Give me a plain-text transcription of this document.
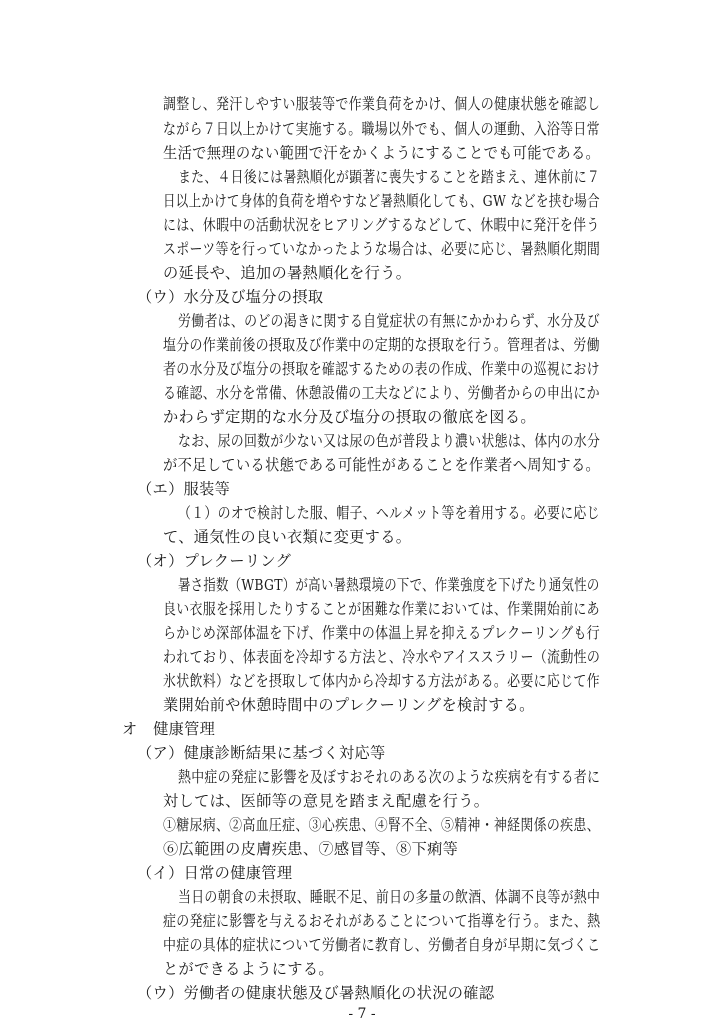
調整し、発汗しやすい服装等で作業負荷をかけ、個人の健康状態を確認し
ながら７日以上かけて実施する。職場以外でも、個人の運動、入浴等日常
生活で無理のない範囲で汗をかくようにすることでも可能である。
また、４日後には暑熱順化が顕著に喪失することを踏まえ、連休前に７
日以上かけて身体的負荷を増やすなど暑熱順化しても、GW などを挟む場合
には、休暇中の活動状況をヒアリングするなどして、休暇中に発汗を伴う
スポーツ等を行っていなかったような場合は、必要に応じ、暑熱順化期間
の延長や、追加の暑熱順化を行う。
（ウ）水分及び塩分の摂取
労働者は、のどの渇きに関する自覚症状の有無にかかわらず、水分及び
塩分の作業前後の摂取及び作業中の定期的な摂取を行う。管理者は、労働
者の水分及び塩分の摂取を確認するための表の作成、作業中の巡視におけ
る確認、水分を常備、休憩設備の工夫などにより、労働者からの申出にか
かわらず定期的な水分及び塩分の摂取の徹底を図る。
なお、尿の回数が少ない又は尿の色が普段より濃い状態は、体内の水分
が不足している状態である可能性があることを作業者へ周知する。
（エ）服装等
（１）のオで検討した服、帽子、ヘルメット等を着用する。必要に応じ
て、通気性の良い衣類に変更する。
（オ）プレクーリング
暑さ指数（WBGT）が高い暑熱環境の下で、作業強度を下げたり通気性の
良い衣服を採用したりすることが困難な作業においては、作業開始前にあ
らかじめ深部体温を下げ、作業中の体温上昇を抑えるプレクーリングも行
われており、体表面を冷却する方法と、冷水やアイススラリー（流動性の
氷状飲料）などを摂取して体内から冷却する方法がある。必要に応じて作
業開始前や休憩時間中のプレクーリングを検討する。
オ　健康管理
（ア）健康診断結果に基づく対応等
熱中症の発症に影響を及ぼすおそれのある次のような疾病を有する者に
対しては、医師等の意見を踏まえ配慮を行う。
①糖尿病、②高血圧症、③心疾患、④腎不全、⑤精神・神経関係の疾患、
⑥広範囲の皮膚疾患、⑦感冒等、⑧下痢等
（イ）日常の健康管理
当日の朝食の未摂取、睡眠不足、前日の多量の飲酒、体調不良等が熱中
症の発症に影響を与えるおそれがあることについて指導を行う。また、熱
中症の具体的症状について労働者に教育し、労働者自身が早期に気づくこ
とができるようにする。
（ウ）労働者の健康状態及び暑熱順化の状況の確認
- 7 -
